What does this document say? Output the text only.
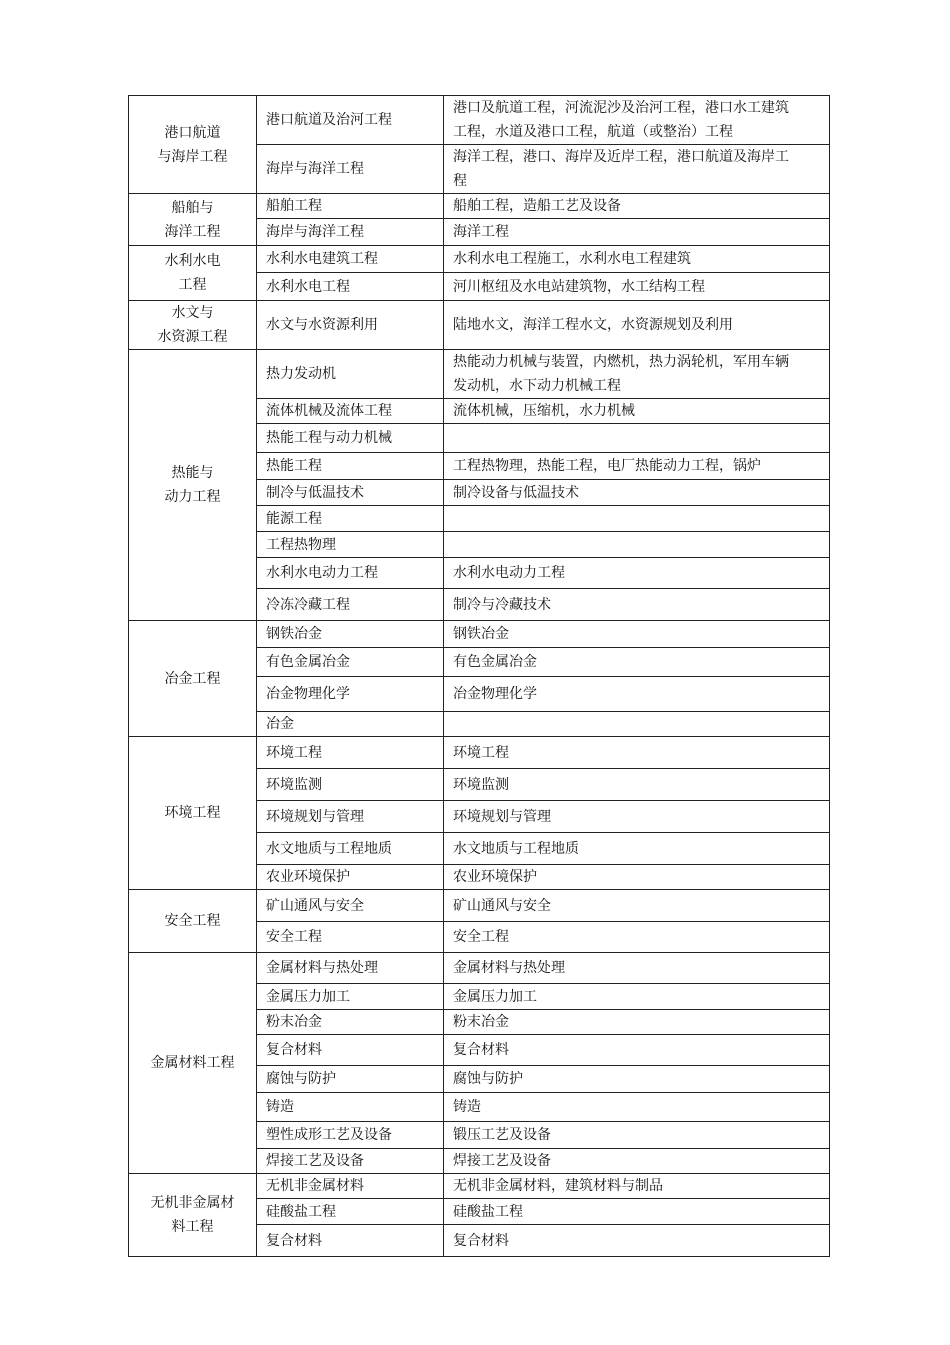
港口航道
与海岸工程	港口航道及治河工程	港口及航道工程，河流泥沙及治河工程，港口水工建筑工程，水道及港口工程，航道（或整治）工程
	海岸与海洋工程	海洋工程，港口、海岸及近岸工程，港口航道及海岸工程
船舶与
海洋工程	船舶工程	船舶工程，造船工艺及设备
	海岸与海洋工程	海洋工程
水利水电
工程	水利水电建筑工程	水利水电工程施工，水利水电工程建筑
	水利水电工程	河川枢纽及水电站建筑物，水工结构工程
水文与
水资源工程	水文与水资源利用	陆地水文，海洋工程水文，水资源规划及利用
热能与
动力工程	热力发动机	热能动力机械与装置，内燃机，热力涡轮机，军用车辆发动机，水下动力机械工程
	流体机械及流体工程	流体机械，压缩机，水力机械
	热能工程与动力机械	
	热能工程	工程热物理，热能工程，电厂热能动力工程，锅炉
	制冷与低温技术	制冷设备与低温技术
	能源工程	
	工程热物理	
	水利水电动力工程	水利水电动力工程
	冷冻冷藏工程	制冷与冷藏技术
冶金工程	钢铁冶金	钢铁冶金
	有色金属冶金	有色金属冶金
	冶金物理化学	冶金物理化学
	冶金	
环境工程	环境工程	环境工程
	环境监测	环境监测
	环境规划与管理	环境规划与管理
	水文地质与工程地质	水文地质与工程地质
	农业环境保护	农业环境保护
安全工程	矿山通风与安全	矿山通风与安全
	安全工程	安全工程
金属材料工程	金属材料与热处理	金属材料与热处理
	金属压力加工	金属压力加工
	粉末冶金	粉末冶金
	复合材料	复合材料
	腐蚀与防护	腐蚀与防护
	铸造	铸造
	塑性成形工艺及设备	锻压工艺及设备
	焊接工艺及设备	焊接工艺及设备
无机非金属材
料工程	无机非金属材料	无机非金属材料，建筑材料与制品
	硅酸盐工程	硅酸盐工程
	复合材料	复合材料
